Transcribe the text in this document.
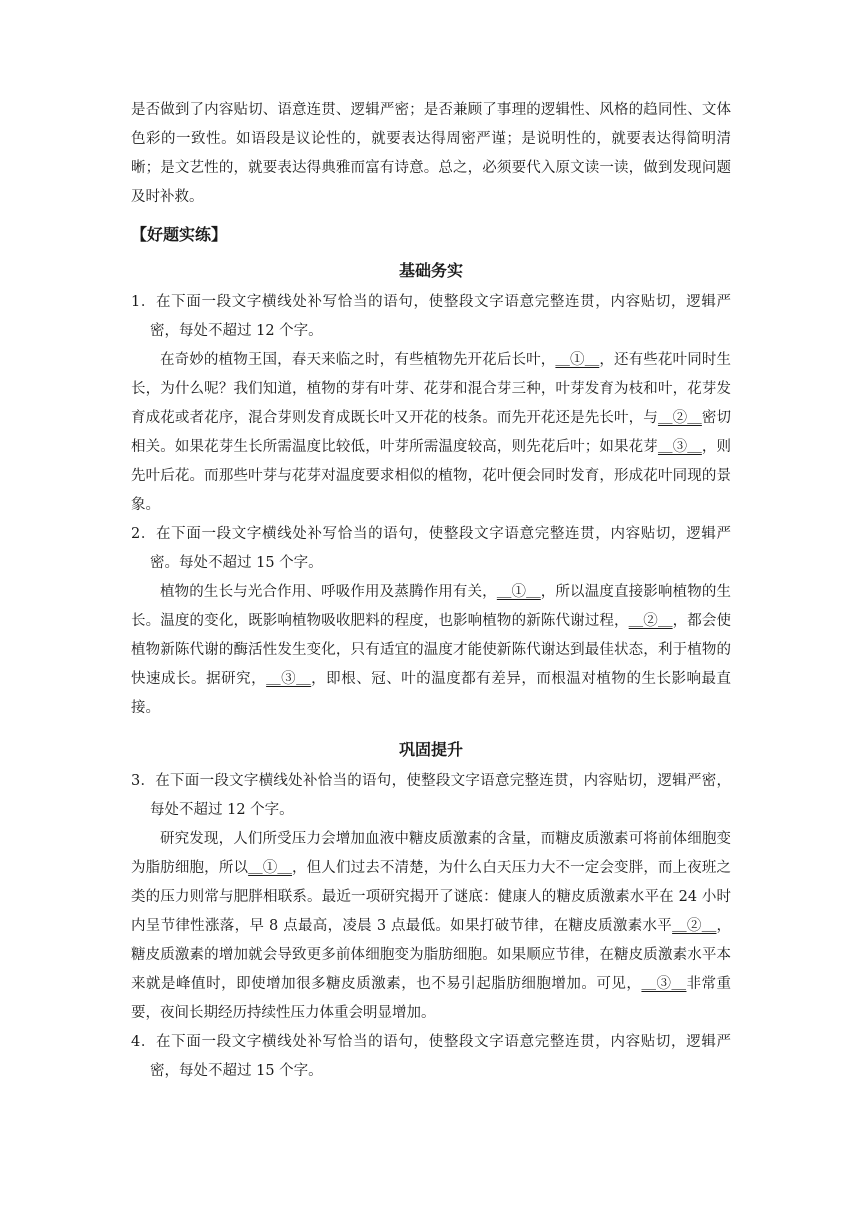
是否做到了内容贴切、语意连贯、逻辑严密；是否兼顾了事理的逻辑性、风格的趋同性、文体色彩的一致性。如语段是议论性的，就要表达得周密严谨；是说明性的，就要表达得简明清晰；是文艺性的，就要表达得典雅而富有诗意。总之，必须要代入原文读一读，做到发现问题及时补救。

【好题实练】
基础务实

1．在下面一段文字横线处补写恰当的语句，使整段文字语意完整连贯，内容贴切，逻辑严密，每处不超过 12 个字。

在奇妙的植物王国，春天来临之时，有些植物先开花后长叶，＿①＿，还有些花叶同时生长，为什么呢？我们知道，植物的芽有叶芽、花芽和混合芽三种，叶芽发育为枝和叶，花芽发育成花或者花序，混合芽则发育成既长叶又开花的枝条。而先开花还是先长叶，与＿②＿密切相关。如果花芽生长所需温度比较低，叶芽所需温度较高，则先花后叶；如果花芽＿③＿，则先叶后花。而那些叶芽与花芽对温度要求相似的植物，花叶便会同时发育，形成花叶同现的景象。

2．在下面一段文字横线处补写恰当的语句，使整段文字语意完整连贯，内容贴切，逻辑严密。每处不超过 15 个字。

植物的生长与光合作用、呼吸作用及蒸腾作用有关，＿①＿，所以温度直接影响植物的生长。温度的变化，既影响植物吸收肥料的程度，也影响植物的新陈代谢过程，＿②＿，都会使植物新陈代谢的酶活性发生变化，只有适宜的温度才能使新陈代谢达到最佳状态，利于植物的快速成长。据研究，＿③＿，即根、冠、叶的温度都有差异，而根温对植物的生长影响最直接。

巩固提升

3．在下面一段文字横线处补恰当的语句，使整段文字语意完整连贯，内容贴切，逻辑严密，每处不超过 12 个字。

研究发现，人们所受压力会增加血液中糖皮质激素的含量，而糖皮质激素可将前体细胞变为脂肪细胞，所以＿①＿，但人们过去不清楚，为什么白天压力大不一定会变胖，而上夜班之类的压力则常与肥胖相联系。最近一项研究揭开了谜底：健康人的糖皮质激素水平在 24 小时内呈节律性涨落，早 8 点最高，凌晨 3 点最低。如果打破节律，在糖皮质激素水平＿②＿，糖皮质激素的增加就会导致更多前体细胞变为脂肪细胞。如果顺应节律，在糖皮质激素水平本来就是峰值时，即使增加很多糖皮质激素，也不易引起脂肪细胞增加。可见，＿③＿非常重要，夜间长期经历持续性压力体重会明显增加。

4．在下面一段文字横线处补写恰当的语句，使整段文字语意完整连贯，内容贴切，逻辑严密，每处不超过 15 个字。
